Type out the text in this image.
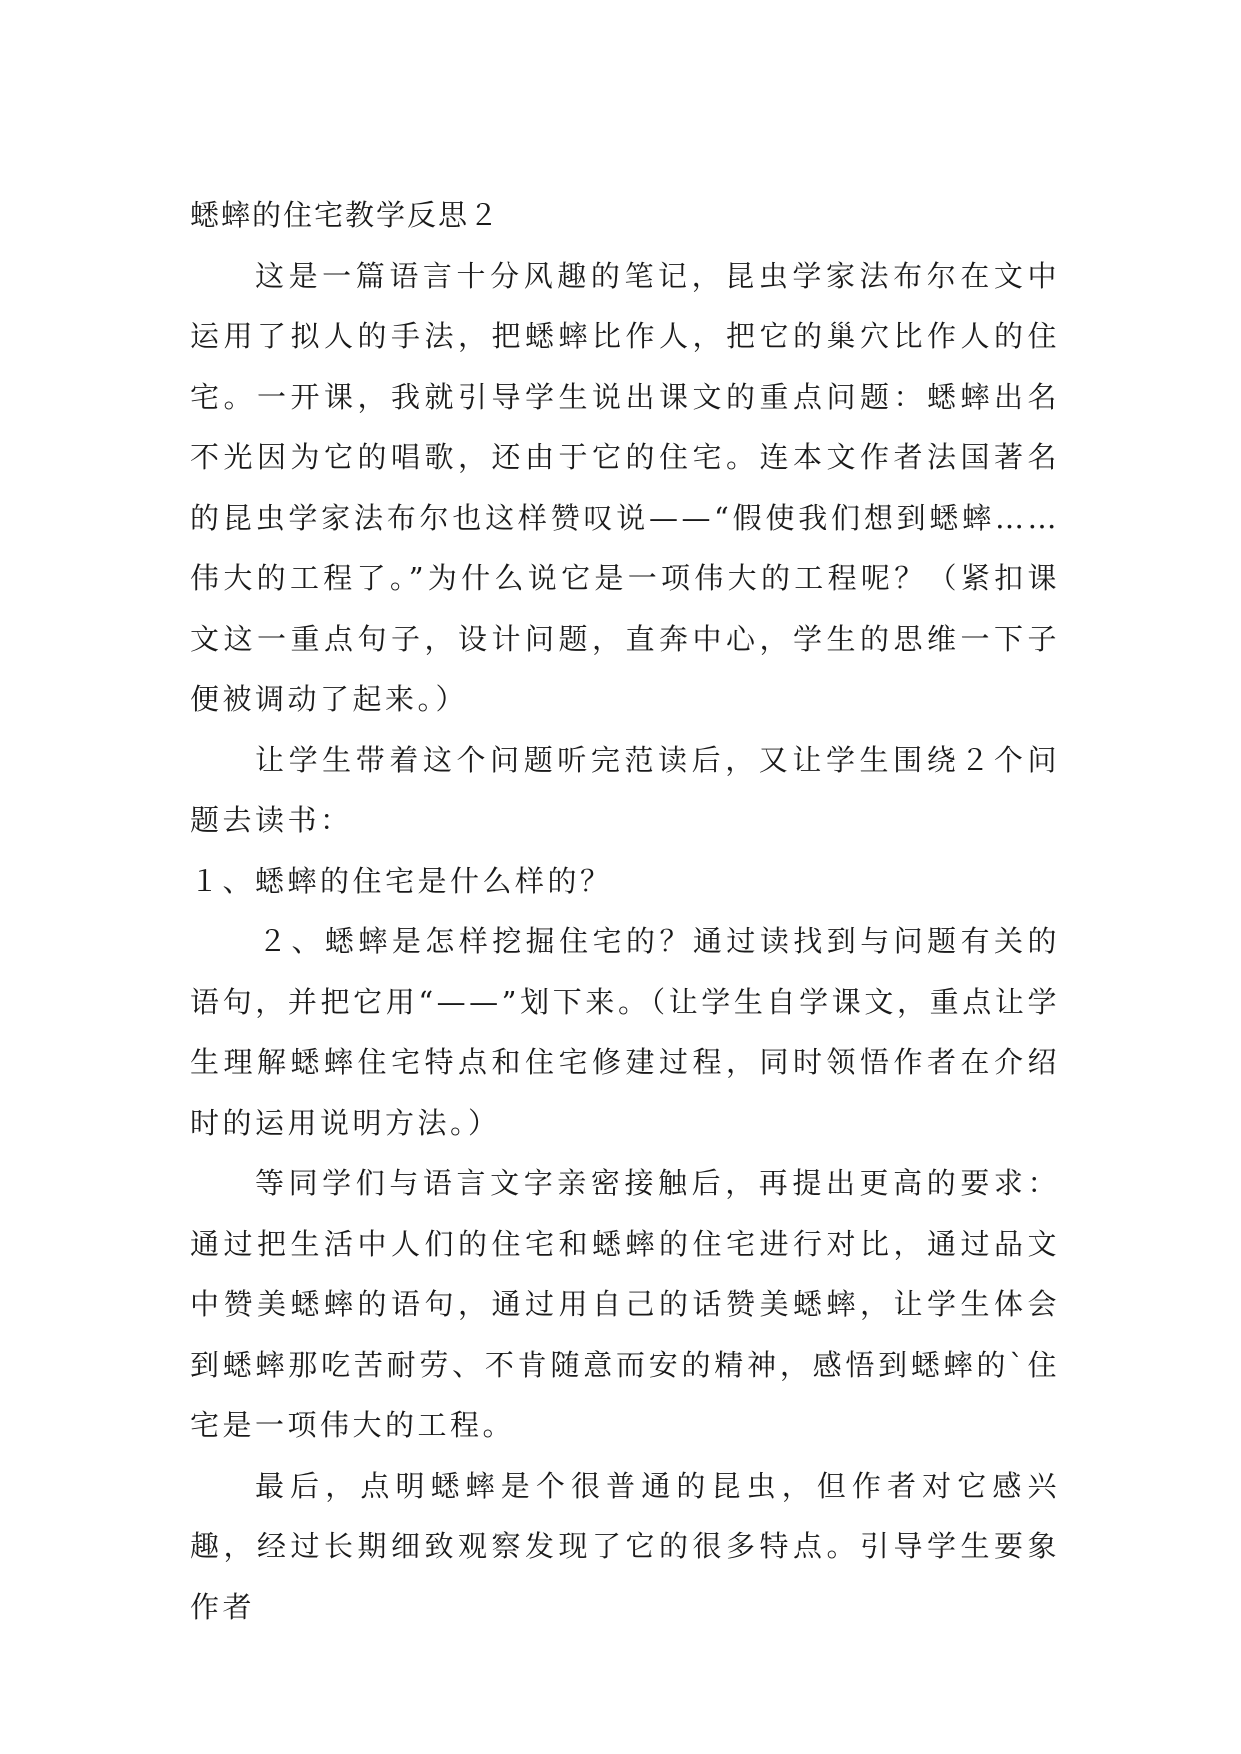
蟋蟀的住宅教学反思２

这是一篇语言十分风趣的笔记，昆虫学家法布尔在文中运用了拟人的手法，把蟋蟀比作人，把它的巢穴比作人的住宅。一开课，我就引导学生说出课文的重点问题：蟋蟀出名不光因为它的唱歌，还由于它的住宅。连本文作者法国著名的昆虫学家法布尔也这样赞叹说——“假使我们想到蟋蟀……伟大的工程了。”为什么说它是一项伟大的工程呢？（紧扣课文这一重点句子，设计问题，直奔中心，学生的思维一下子便被调动了起来。）

让学生带着这个问题听完范读后，又让学生围绕２个问题去读书：

１、蟋蟀的住宅是什么样的？

２、蟋蟀是怎样挖掘住宅的？通过读找到与问题有关的语句，并把它用“——”划下来。（让学生自学课文，重点让学生理解蟋蟀住宅特点和住宅修建过程，同时领悟作者在介绍时的运用说明方法。）

等同学们与语言文字亲密接触后，再提出更高的要求：通过把生活中人们的住宅和蟋蟀的住宅进行对比，通过品文中赞美蟋蟀的语句，通过用自己的话赞美蟋蟀，让学生体会到蟋蟀那吃苦耐劳、不肯随意而安的精神，感悟到蟋蟀的`住宅是一项伟大的工程。

最后，点明蟋蟀是个很普通的昆虫，但作者对它感兴趣，经过长期细致观察发现了它的很多特点。引导学生要象作者
